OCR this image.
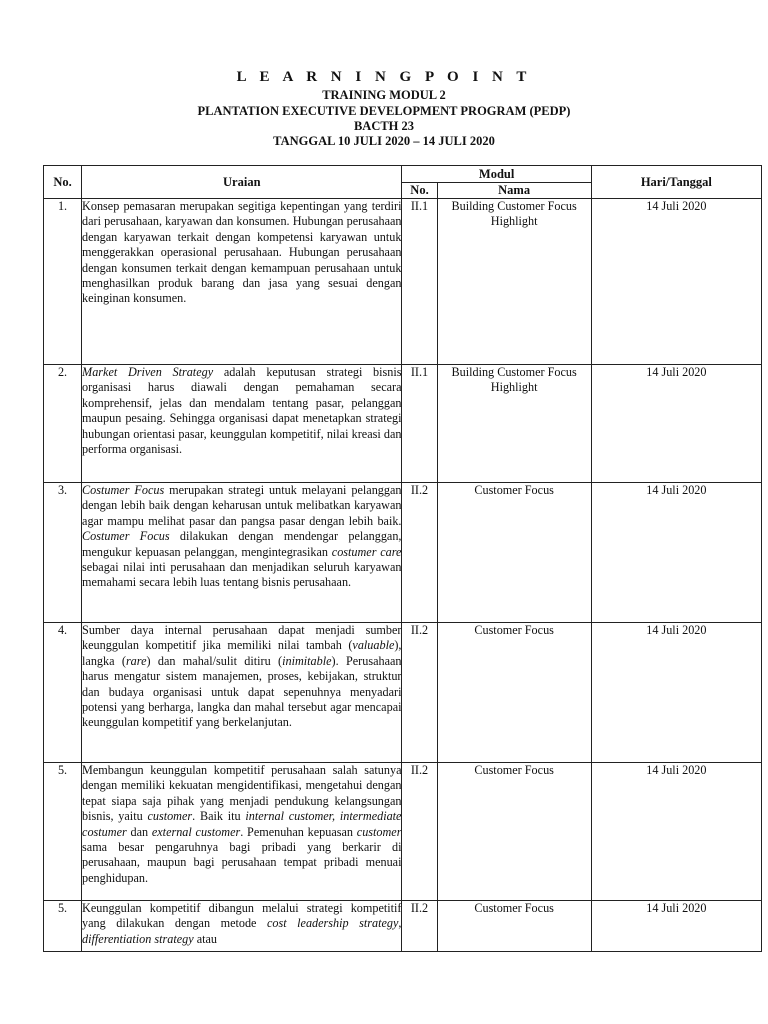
L E A R N I N G P O I N T
TRAINING MODUL 2
PLANTATION EXECUTIVE DEVELOPMENT PROGRAM (PEDP)
BACTH 23
TANGGAL 10 JULI 2020 – 14 JULI 2020
No.	Uraian	Modul		Hari/Tanggal
		No.	Nama	
1.	Konsep pemasaran merupakan segitiga kepentingan yang terdiri dari perusahaan, karyawan dan konsumen. Hubungan perusahaan dengan karyawan terkait dengan kompetensi karyawan untuk menggerakkan operasional perusahaan. Hubungan perusahaan dengan konsumen terkait dengan kemampuan perusahaan untuk menghasilkan produk barang dan jasa yang sesuai dengan keinginan konsumen.	II.1	Building Customer Focus Highlight	14 Juli 2020
2.	Market Driven Strategy adalah keputusan strategi bisnis organisasi harus diawali dengan pemahaman secara komprehensif, jelas dan mendalam tentang pasar, pelanggan maupun pesaing. Sehingga organisasi dapat menetapkan strategi hubungan orientasi pasar, keunggulan kompetitif, nilai kreasi dan performa organisasi.	II.1	Building Customer Focus Highlight	14 Juli 2020
3.	Costumer Focus merupakan strategi untuk melayani pelanggan dengan lebih baik dengan keharusan untuk melibatkan karyawan agar mampu melihat pasar dan pangsa pasar dengan lebih baik. Costumer Focus dilakukan dengan mendengar pelanggan, mengukur kepuasan pelanggan, mengintegrasikan costumer care sebagai nilai inti perusahaan dan menjadikan seluruh karyawan memahami secara lebih luas tentang bisnis perusahaan.	II.2	Customer Focus	14 Juli 2020
4.	Sumber daya internal perusahaan dapat menjadi sumber keunggulan kompetitif jika memiliki nilai tambah (valuable), langka (rare) dan mahal/sulit ditiru (inimitable). Perusahaan harus mengatur sistem manajemen, proses, kebijakan, struktur dan budaya organisasi untuk dapat sepenuhnya menyadari potensi yang berharga, langka dan mahal tersebut agar mencapai keunggulan kompetitif yang berkelanjutan.	II.2	Customer Focus	14 Juli 2020
5.	Membangun keunggulan kompetitif perusahaan salah satunya dengan memiliki kekuatan mengidentifikasi, mengetahui dengan tepat siapa saja pihak yang menjadi pendukung kelangsungan bisnis, yaitu customer. Baik itu internal customer, intermediate costumer dan external customer. Pemenuhan kepuasan customer sama besar pengaruhnya bagi pribadi yang berkarir di perusahaan, maupun bagi perusahaan tempat pribadi menuai penghidupan.	II.2	Customer Focus	14 Juli 2020
5.	Keunggulan kompetitif dibangun melalui strategi kompetitif yang dilakukan dengan metode cost leadership strategy, differentiation strategy atau	II.2	Customer Focus	14 Juli 2020
